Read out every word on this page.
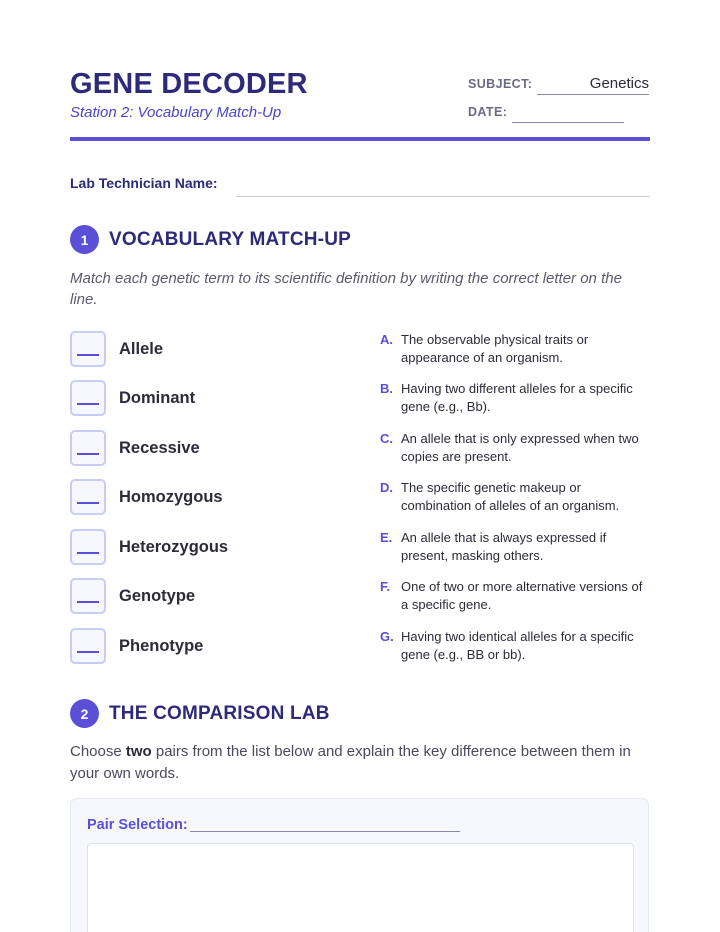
GENE DECODER
Station 2: Vocabulary Match-Up
SUBJECT:	Genetics
DATE:
Lab Technician Name:
1	VOCABULARY MATCH-UP
Match each genetic term to its scientific definition by writing the correct letter on the line.
Allele
Dominant
Recessive
Homozygous
Heterozygous
Genotype
Phenotype
A. The observable physical traits or appearance of an organism.
B. Having two different alleles for a specific gene (e.g., Bb).
C. An allele that is only expressed when two copies are present.
D. The specific genetic makeup or combination of alleles of an organism.
E. An allele that is always expressed if present, masking others.
F. One of two or more alternative versions of a specific gene.
G. Having two identical alleles for a specific gene (e.g., BB or bb).
2	THE COMPARISON LAB
Choose two pairs from the list below and explain the key difference between them in your own words.
Pair Selection:
